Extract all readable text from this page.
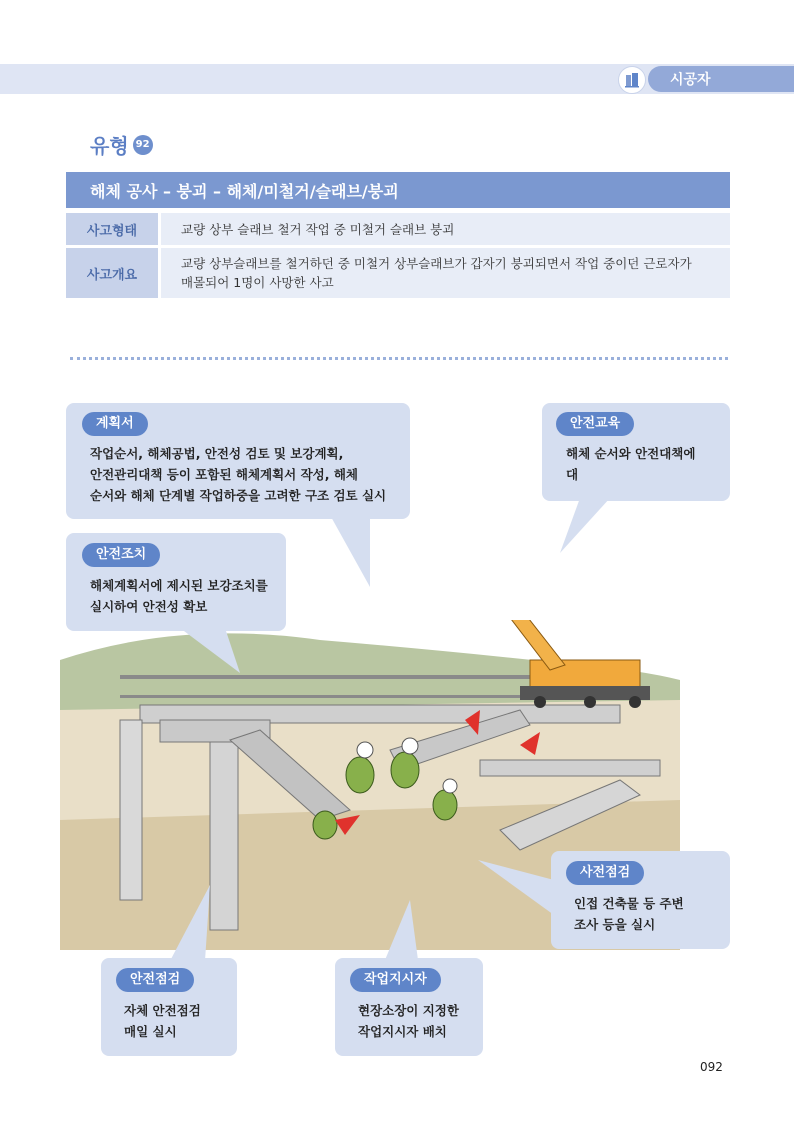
시공자
유형 92
해체 공사 – 붕괴 – 해체/미철거/슬래브/붕괴
사고형태	교량 상부 슬래브 철거 작업 중 미철거 슬래브 붕괴
사고개요
교량 상부슬래브를 철거하던 중 미철거 상부슬래브가 갑자기 붕괴되면서 작업 중이던 근로자가
매몰되어 1명이 사망한 사고
계획서
작업순서, 해체공법, 안전성 검토 및 보강계획,
안전관리대책 등이 포함된 해체계획서 작성, 해체
순서와 해체 단계별 작업하중을 고려한 구조 검토 실시
안전교육
해체 순서와 안전대책에
대
안전조치
해체계획서에 제시된 보강조치를
실시하여 안전성 확보
사전점검
인접 건축물 등 주변
조사 등을 실시
안전점검
자체 안전점검
매일 실시
작업지시자
현장소장이 지정한
작업지시자 배치
092
